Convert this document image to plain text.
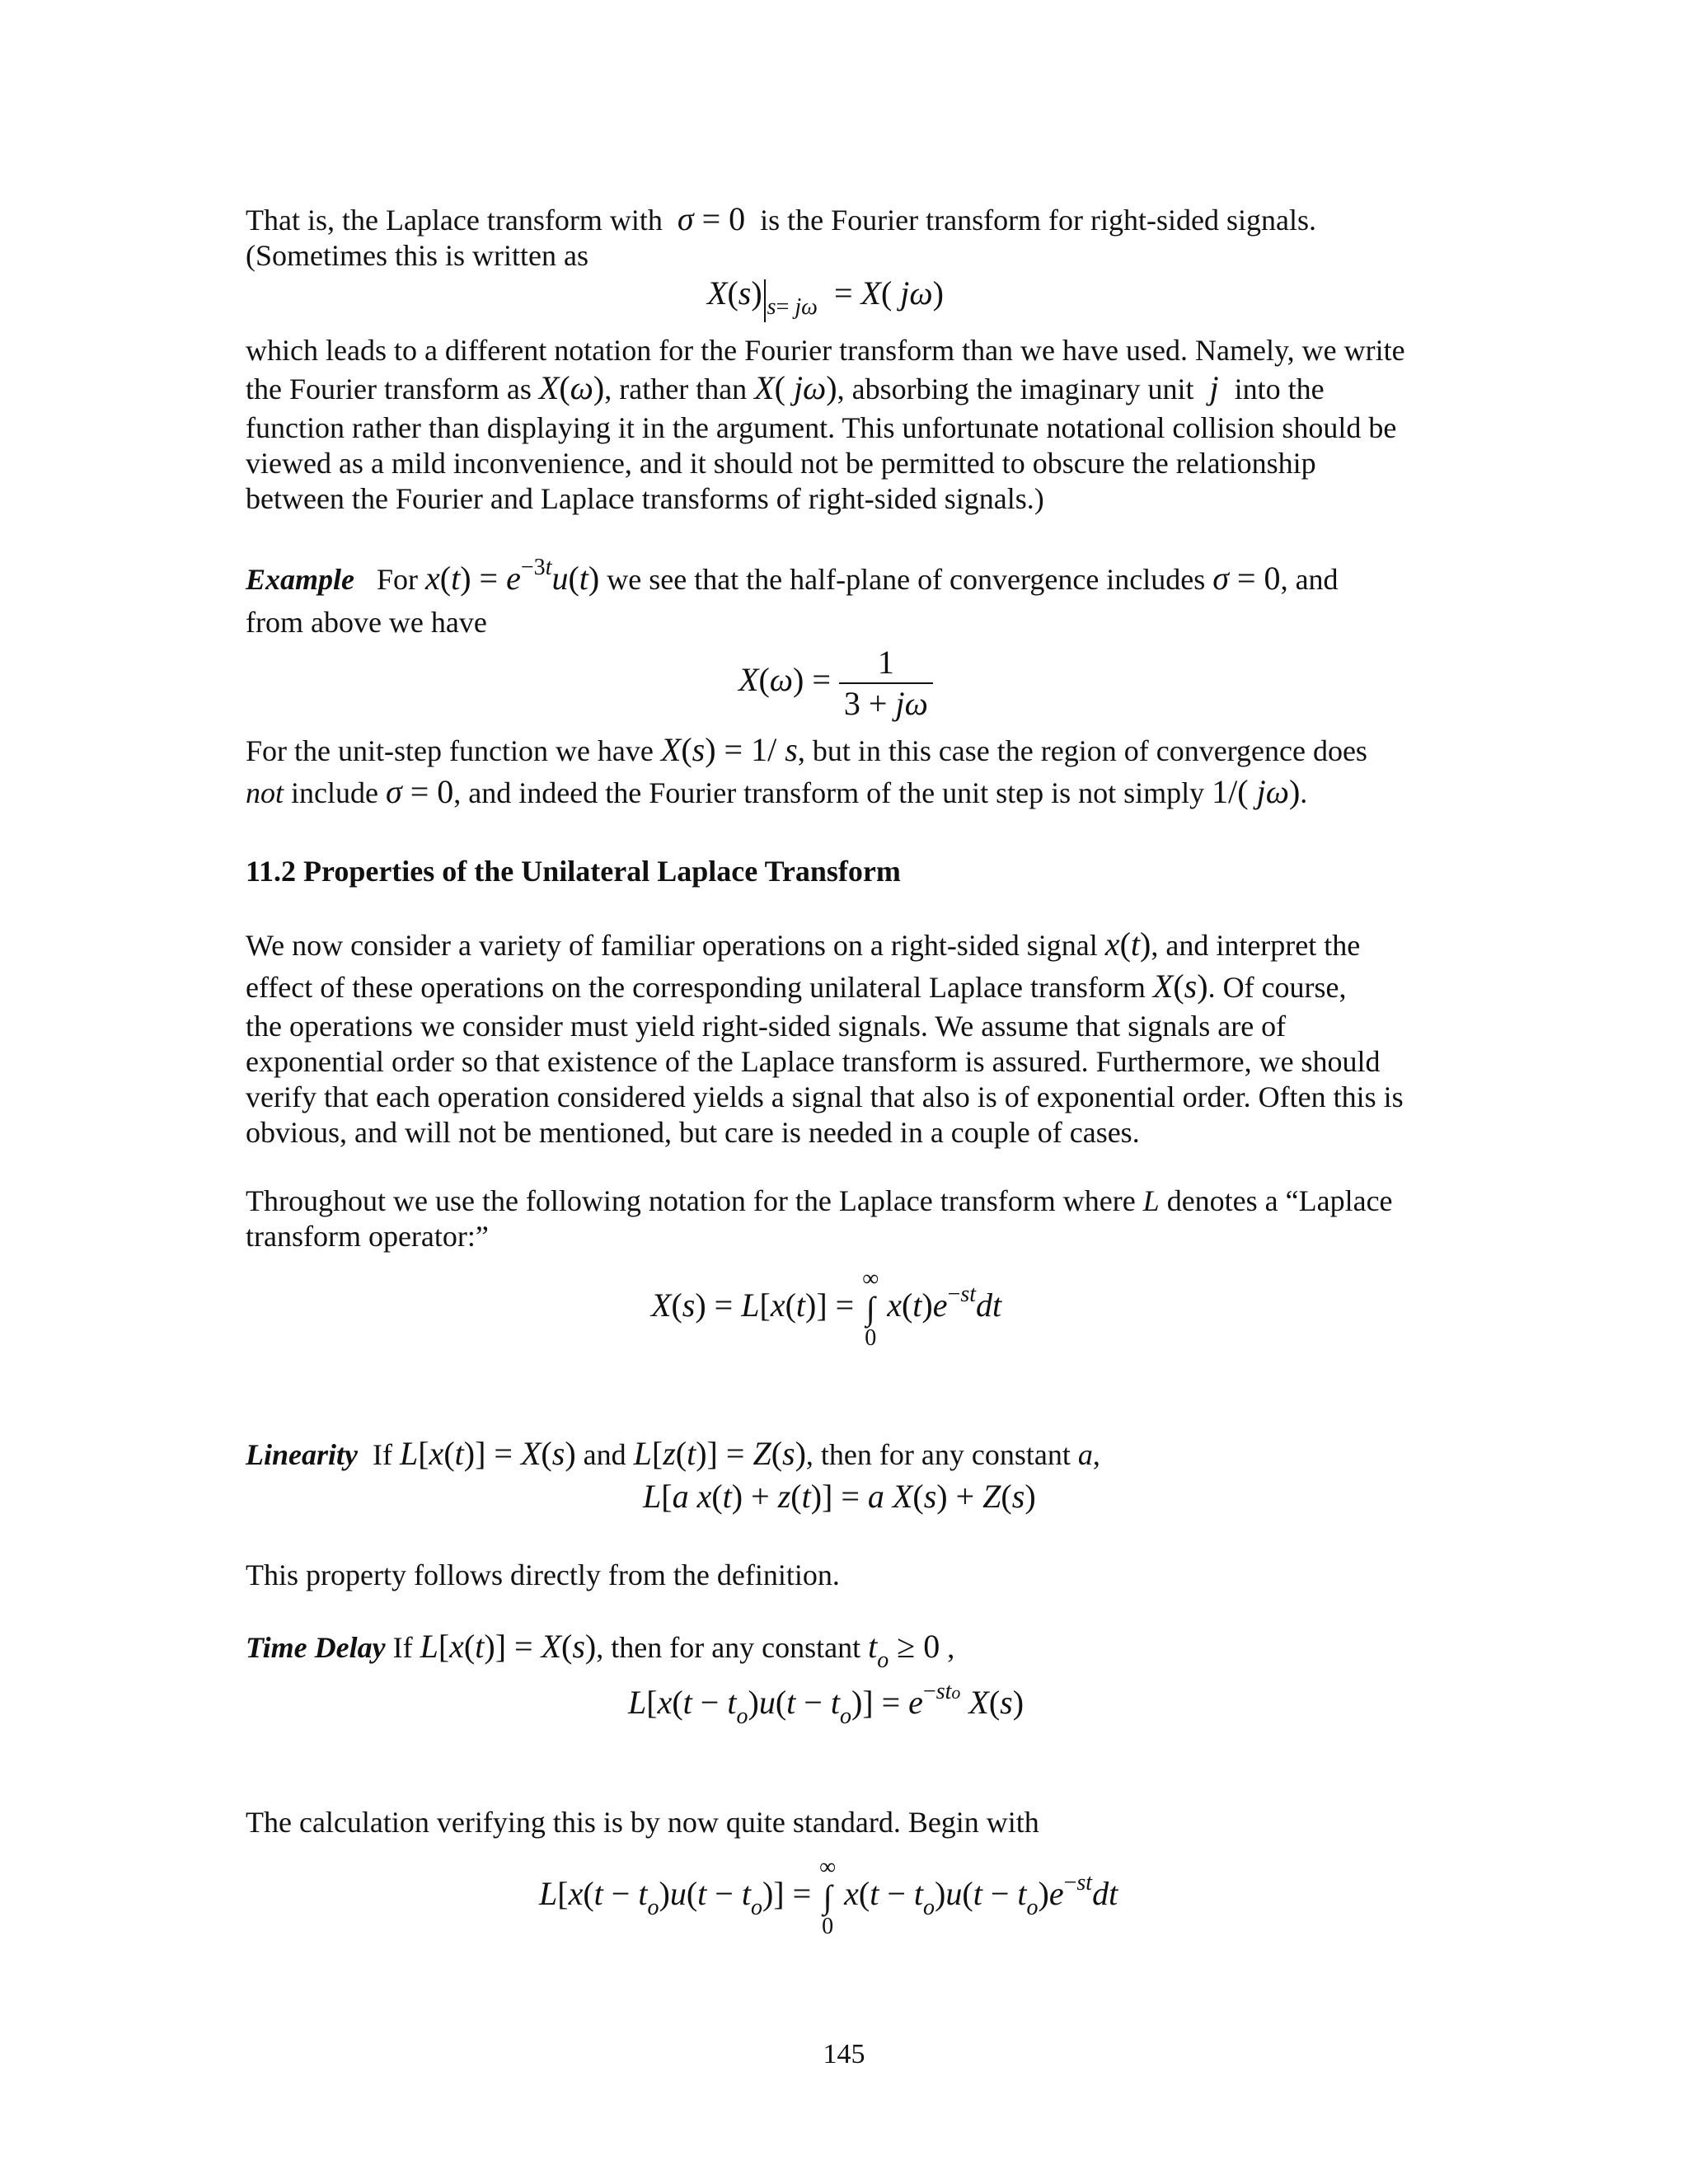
That is, the Laplace transform with σ = 0 is the Fourier transform for right-sided signals.
(Sometimes this is written as
X(s) $_{s= j\omega}$ = X( jω)
which leads to a different notation for the Fourier transform than we have used. Namely, we write
the Fourier transform as X(ω), rather than X( jω), absorbing the imaginary unit  j  into the
function rather than displaying it in the argument. This unfortunate notational collision should be
viewed as a mild inconvenience, and it should not be permitted to obscure the relationship
between the Fourier and Laplace transforms of right-sided signals.)
Example For $x(t) = e^{-3t}u(t)$ we see that the half-plane of convergence includes σ = 0, and
from above we have
$X(\omega) = \frac{1}{3 + j\omega}$
For the unit-step function we have X(s) = 1/ s, but in this case the region of convergence does
not include σ = 0, and indeed the Fourier transform of the unit step is not simply 1/( jω).
11.2 Properties of the Unilateral Laplace Transform
We now consider a variety of familiar operations on a right-sided signal x(t), and interpret the
effect of these operations on the corresponding unilateral Laplace transform X(s). Of course,
the operations we consider must yield right-sided signals. We assume that signals are of
exponential order so that existence of the Laplace transform is assured. Furthermore, we should
verify that each operation considered yields a signal that also is of exponential order. Often this is
obvious, and will not be mentioned, but care is needed in a couple of cases.
Throughout we use the following notation for the Laplace transform where L denotes a “Laplace
transform operator:”
X(s) = L[x(t)] =
∞
∫
0
$x(t)e^{-st}dt$
Linearity If L[x(t)] = X(s) and L[z(t)] = Z(s), then for any constant a,
L[a x(t) + z(t)] = a X(s) + Z(s)
This property follows directly from the definition.
Time Delay If L[x(t)] = X(s), then for any constant $t_o \ge 0$ ,
$L[x(t - t_o)u(t - t_o)] = e^{-sto}$ X(s)
The calculation verifying this is by now quite standard. Begin with
$L[x(t - t_o)u(t - t_o)]$ =
∞
∫
0
$x(t - t_o)u(t - t_o)e^{-st}dt$
145
